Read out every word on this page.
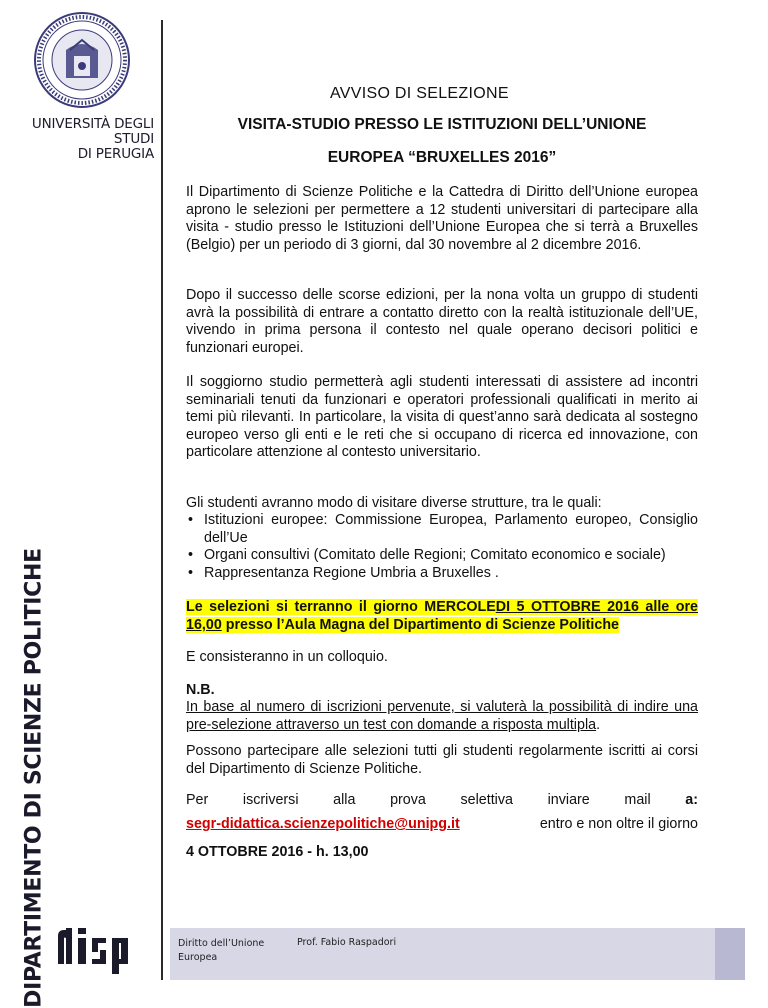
UNIVERSITÀ DEGLI STUDI
DI PERUGIA
DIPARTIMENTO DI SCIENZE POLITICHE
AVVISO DI SELEZIONE
VISITA-STUDIO PRESSO LE ISTITUZIONI DELL’UNIONE
EUROPEA “BRUXELLES 2016”

Il Dipartimento di Scienze Politiche e la Cattedra di Diritto dell’Unione europea aprono le selezioni per permettere a 12 studenti universitari di partecipare alla visita - studio presso le Istituzioni dell’Unione Europea che si terrà a Bruxelles (Belgio) per un periodo di 3 giorni, dal 30 novembre al 2 dicembre 2016.

Dopo il successo delle scorse edizioni, per la nona volta un gruppo di studenti avrà la possibilità di entrare a contatto diretto con la realtà istituzionale dell’UE, vivendo in prima persona il contesto nel quale operano decisori politici e funzionari europei.

Il soggiorno studio permetterà agli studenti interessati di assistere ad incontri seminariali tenuti da funzionari e operatori professionali qualificati in merito ai temi più rilevanti. In particolare, la visita di quest’anno sarà dedicata al sostegno europeo verso gli enti e le reti che si occupano di ricerca ed innovazione, con particolare attenzione al contesto universitario.

Gli studenti avranno modo di visitare diverse strutture, tra le quali:

• Istituzioni europee: Commissione Europea, Parlamento europeo, Consiglio dell’Ue
• Organi consultivi (Comitato delle Regioni; Comitato economico e sociale)
• Rappresentanza Regione Umbria a Bruxelles .
Le selezioni si terranno il giorno MERCOLEDI 5 OTTOBRE 2016 alle ore 16,00 presso l’Aula Magna del Dipartimento di Scienze Politiche

E consisteranno in un colloquio.

N.B.
In base al numero di iscrizioni pervenute, si valuterà la possibilità di indire una pre-selezione attraverso un test con domande a risposta multipla.

Possono partecipare alle selezioni tutti gli studenti regolarmente iscritti ai corsi del Dipartimento di Scienze Politiche.

Per iscriversi alla prova selettiva inviare mail a:
segr-didattica.scienzepolitiche@unipg.it	entro e non oltre il giorno
4 OTTOBRE 2016 - h. 13,00
Diritto dell’Unione
Europea
Prof. Fabio Raspadori
